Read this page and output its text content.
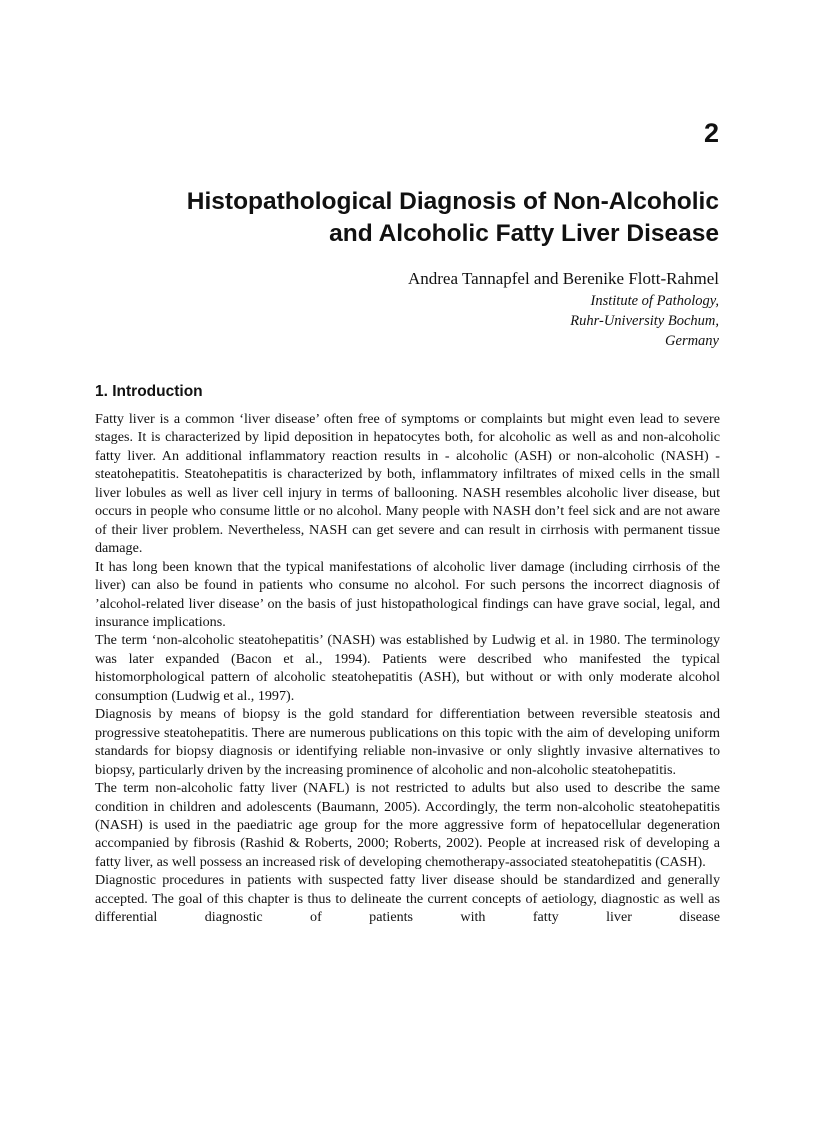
2
Histopathological Diagnosis of Non-Alcoholic
and Alcoholic Fatty Liver Disease
Andrea Tannapfel and Berenike Flott-Rahmel
Institute of Pathology,
Ruhr-University Bochum,
Germany
1. Introduction

Fatty liver is a common ‘liver disease’ often free of symptoms or complaints but might even lead to severe stages. It is characterized by lipid deposition in hepatocytes both, for alcoholic as well as and non-alcoholic fatty liver. An additional inflammatory reaction results in - alcoholic (ASH) or non-alcoholic (NASH) - steatohepatitis. Steatohepatitis is characterized by both, inflammatory infiltrates of mixed cells in the small liver lobules as well as liver cell injury in terms of ballooning. NASH resembles alcoholic liver disease, but occurs in people who consume little or no alcohol. Many people with NASH don’t feel sick and are not aware of their liver problem. Nevertheless, NASH can get severe and can result in cirrhosis with permanent tissue damage.

It has long been known that the typical manifestations of alcoholic liver damage (including cirrhosis of the liver) can also be found in patients who consume no alcohol. For such persons the incorrect diagnosis of ’alcohol-related liver disease’ on the basis of just histopathological findings can have grave social, legal, and insurance implications.

The term ‘non-alcoholic steatohepatitis’ (NASH) was established by Ludwig et al. in 1980. The terminology was later expanded (Bacon et al., 1994). Patients were described who manifested the typical histomorphological pattern of alcoholic steatohepatitis (ASH), but without or with only moderate alcohol consumption (Ludwig et al., 1997).

Diagnosis by means of biopsy is the gold standard for differentiation between reversible steatosis and progressive steatohepatitis. There are numerous publications on this topic with the aim of developing uniform standards for biopsy diagnosis or identifying reliable non-invasive or only slightly invasive alternatives to biopsy, particularly driven by the increasing prominence of alcoholic and non-alcoholic steatohepatitis.

The term non-alcoholic fatty liver (NAFL) is not restricted to adults but also used to describe the same condition in children and adolescents (Baumann, 2005). Accordingly, the term non-alcoholic steatohepatitis (NASH) is used in the paediatric age group for the more aggressive form of hepatocellular degeneration accompanied by fibrosis (Rashid & Roberts, 2000; Roberts, 2002). People at increased risk of developing a fatty liver, as well possess an increased risk of developing chemotherapy-associated steatohepatitis (CASH).

Diagnostic procedures in patients with suspected fatty liver disease should be standardized and generally accepted. The goal of this chapter is thus to delineate the current concepts of aetiology, diagnostic as well as differential diagnostic of patients with fatty liver disease
